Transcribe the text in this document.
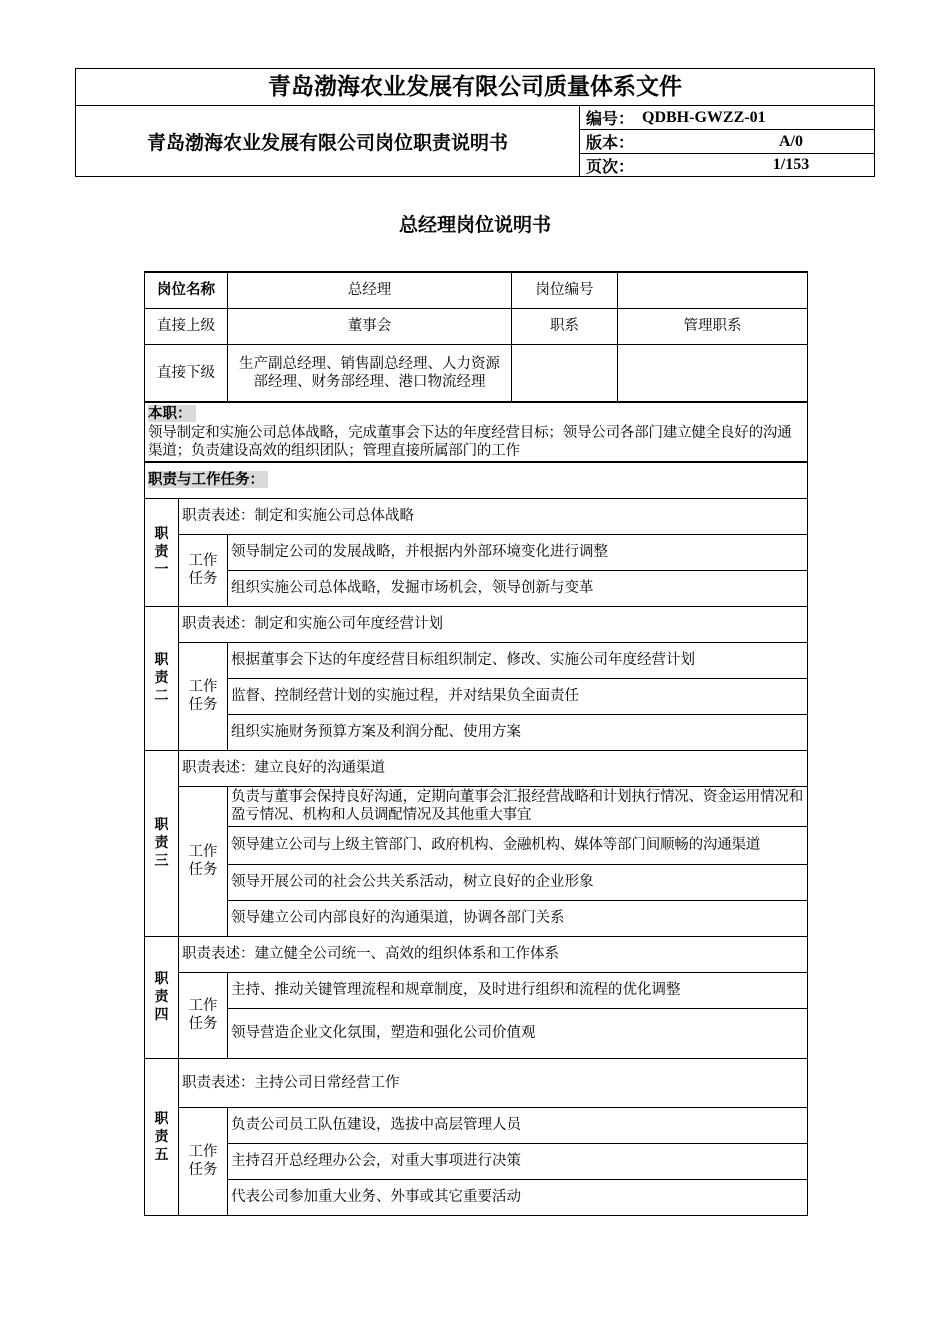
青岛渤海农业发展有限公司质量体系文件
青岛渤海农业发展有限公司岗位职责说明书
编号： QDBH-GWZZ-01
版本：	A/0
页次：	1/153
总经理岗位说明书
岗位名称		总经理	岗位编号	
直接上级		董事会	职系	管理职系
直接下级		生产副总经理、销售副总经理、人力资源部经理、财务部经理、港口物流经理		
本职：
领导制定和实施公司总体战略，完成董事会下达的年度经营目标；领导公司各部门建立健全良好的沟通渠道；负责建设高效的组织团队；管理直接所属部门的工作				
职责与工作任务：				
职责一	职责表述：制定和实施公司总体战略			
	工作任务	领导制定公司的发展战略，并根据内外部环境变化进行调整		
		组织实施公司总体战略，发掘市场机会，领导创新与变革		
职责二	职责表述：制定和实施公司年度经营计划			
	工作任务	根据董事会下达的年度经营目标组织制定、修改、实施公司年度经营计划		
		监督、控制经营计划的实施过程，并对结果负全面责任		
		组织实施财务预算方案及利润分配、使用方案		
职责三	职责表述：建立良好的沟通渠道			
	工作任务	负责与董事会保持良好沟通，定期向董事会汇报经营战略和计划执行情况、资金运用情况和盈亏情况、机构和人员调配情况及其他重大事宜		
		领导建立公司与上级主管部门、政府机构、金融机构、媒体等部门间顺畅的沟通渠道		
		领导开展公司的社会公共关系活动，树立良好的企业形象		
		领导建立公司内部良好的沟通渠道，协调各部门关系		
职责四	职责表述：建立健全公司统一、高效的组织体系和工作体系			
	工作任务	主持、推动关键管理流程和规章制度，及时进行组织和流程的优化调整		
		领导营造企业文化氛围，塑造和强化公司价值观		
职责五	职责表述：主持公司日常经营工作			
	工作任务	负责公司员工队伍建设，选拔中高层管理人员		
		主持召开总经理办公会，对重大事项进行决策		
		代表公司参加重大业务、外事或其它重要活动		
